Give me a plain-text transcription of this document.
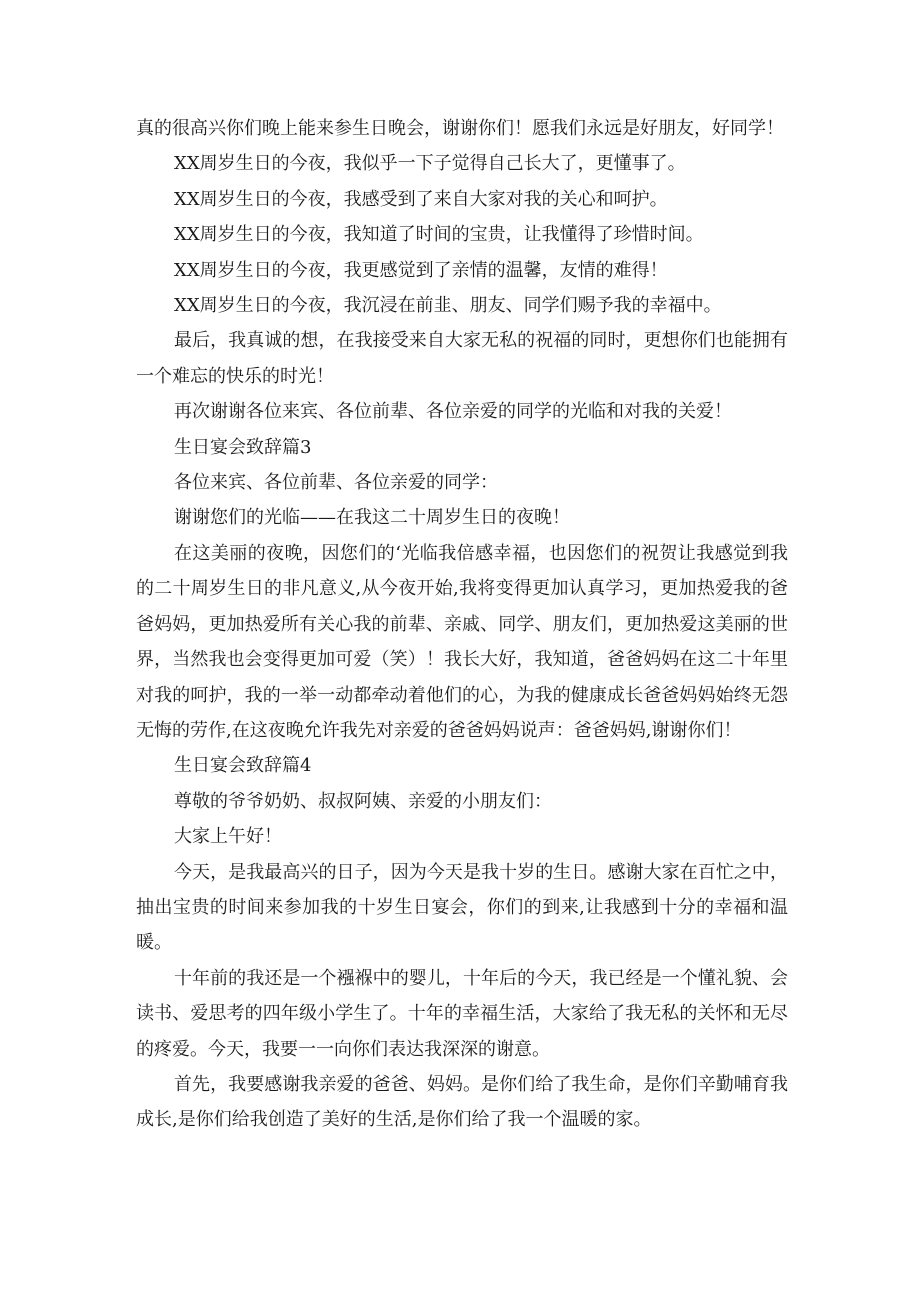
真的很高兴你们晚上能来参生日晚会，谢谢你们！愿我们永远是好朋友，好同学！

XX周岁生日的今夜，我似乎一下子觉得自己长大了，更懂事了。

XX周岁生日的今夜，我感受到了来自大家对我的关心和呵护。

XX周岁生日的今夜，我知道了时间的宝贵，让我懂得了珍惜时间。

XX周岁生日的今夜，我更感觉到了亲情的温馨，友情的难得！

XX周岁生日的今夜，我沉浸在前韭、朋友、同学们赐予我的幸福中。

最后，我真诚的想，在我接受来自大家无私的祝福的同时，更想你们也能拥有一个难忘的快乐的时光！

再次谢谢各位来宾、各位前辈、各位亲爱的同学的光临和对我的关爱！

生日宴会致辞篇3

各位来宾、各位前辈、各位亲爱的同学：

谢谢您们的光临——在我这二十周岁生日的夜晚！

在这美丽的夜晚，因您们的‘光临我倍感幸福，也因您们的祝贺让我感觉到我的二十周岁生日的非凡意义,从今夜开始,我将变得更加认真学习，更加热爱我的爸爸妈妈，更加热爱所有关心我的前辈、亲戚、同学、朋友们，更加热爱这美丽的世界，当然我也会变得更加可爱（笑）！我长大好，我知道，爸爸妈妈在这二十年里对我的呵护，我的一举一动都牵动着他们的心，为我的健康成长爸爸妈妈始终无怨无悔的劳作,在这夜晚允许我先对亲爱的爸爸妈妈说声：爸爸妈妈,谢谢你们！

生日宴会致辞篇4

尊敬的爷爷奶奶、叔叔阿姨、亲爱的小朋友们：

大家上午好！

今天，是我最高兴的日子，因为今天是我十岁的生日。感谢大家在百忙之中，抽出宝贵的时间来参加我的十岁生日宴会，你们的到来,让我感到十分的幸福和温暖。

十年前的我还是一个襁褓中的婴儿，十年后的今天，我已经是一个懂礼貌、会读书、爱思考的四年级小学生了。十年的幸福生活，大家给了我无私的关怀和无尽的疼爱。今天，我要一一向你们表达我深深的谢意。

首先，我要感谢我亲爱的爸爸、妈妈。是你们给了我生命，是你们辛勤哺育我成长,是你们给我创造了美好的生活,是你们给了我一个温暖的家。
